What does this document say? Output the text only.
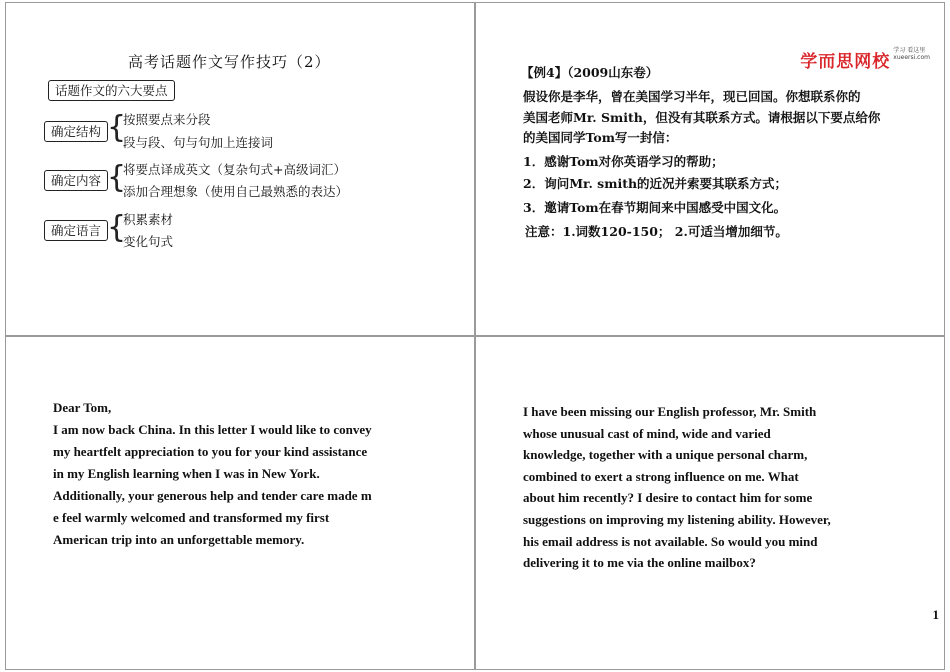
高考话题作文写作技巧（2）
话题作文的六大要点
确定结构 {
按照要点来分段
段与段、句与句加上连接词
确定内容 {
将要点译成英文（复杂句式+高级词汇）
添加合理想象（使用自己最熟悉的表达）
确定语言 {
积累素材
变化句式
学而思网校学习 看这里
xueersi.com
【例4】（2009山东卷）
假设你是李华，曾在美国学习半年，现已回国。你想联系你的
美国老师Mr. Smith，但没有其联系方式。请根据以下要点给你
的美国同学Tom写一封信：
1．感谢Tom对你英语学习的帮助；
2．询问Mr. smith的近况并索要其联系方式；
3．邀请Tom在春节期间来中国感受中国文化。
注意：1.词数120-150； 2.可适当增加细节。
Dear Tom,
I am now back China. In this letter I would like to convey
my heartfelt appreciation to you for your kind assistance
in my English learning when I was in New York.
Additionally, your generous help and tender care made m
e feel warmly welcomed and transformed my first
American trip into an unforgettable memory.
I have been missing our English professor, Mr. Smith
whose unusual cast of mind, wide and varied
knowledge, together with a unique personal charm,
combined to exert a strong influence on me. What
about him recently? I desire to contact him for some
suggestions on improving my listening ability. However,
his email address is not available. So would you mind
delivering it to me via the online mailbox?
1
